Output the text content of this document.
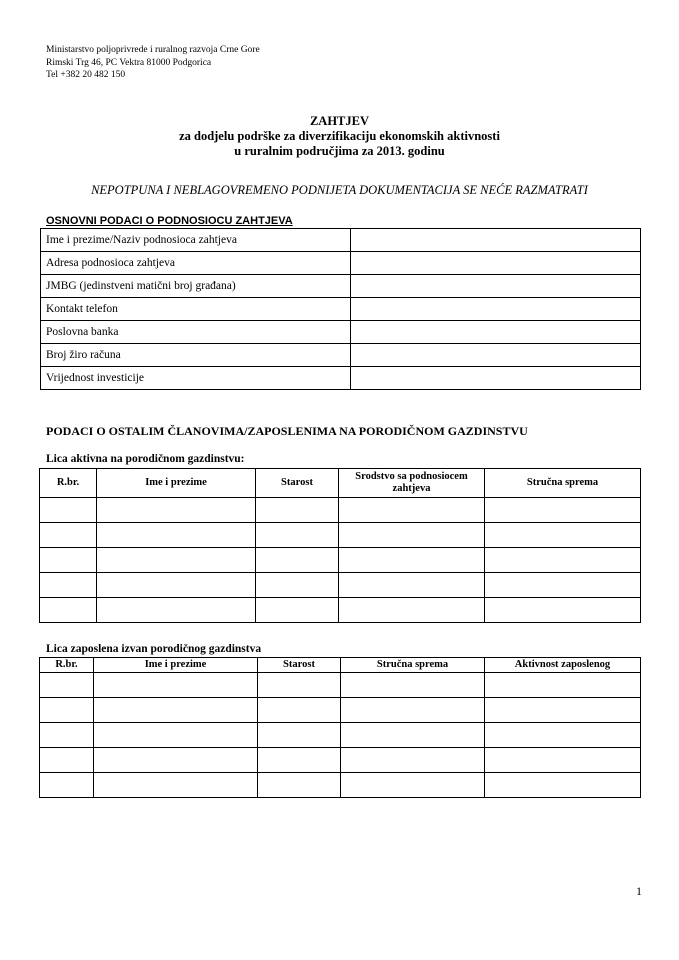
Ministarstvo poljoprivrede i ruralnog razvoja Crne Gore
Rimski Trg 46, PC Vektra 81000 Podgorica
Tel +382 20 482 150
ZAHTJEV
za dodjelu podrške za diverzifikaciju ekonomskih aktivnosti
u ruralnim područjima za 2013. godinu
NEPOTPUNA I NEBLAGOVREMENO PODNIJETA DOKUMENTACIJA SE NEĆE RAZMATRATI
OSNOVNI PODACI O PODNOSIOCU ZAHTJEVA
Ime i prezime/Naziv podnosioca zahtjeva	
Adresa podnosioca zahtjeva	
JMBG (jedinstveni matični broj građana)	
Kontakt telefon	
Poslovna banka	
Broj žiro računa	
Vrijednost investicije	
PODACI O OSTALIM ČLANOVIMA/ZAPOSLENIMA NA PORODIČNOM GAZDINSTVU
Lica aktivna na porodičnom gazdinstvu:
R.br.	Ime i prezime	Starost	Srodstvo sa podnosiocem zahtjeva	Stručna sprema

Lica zaposlena izvan porodičnog gazdinstva
R.br.	Ime i prezime	Starost	Stručna sprema	Aktivnost zaposlenog

1
